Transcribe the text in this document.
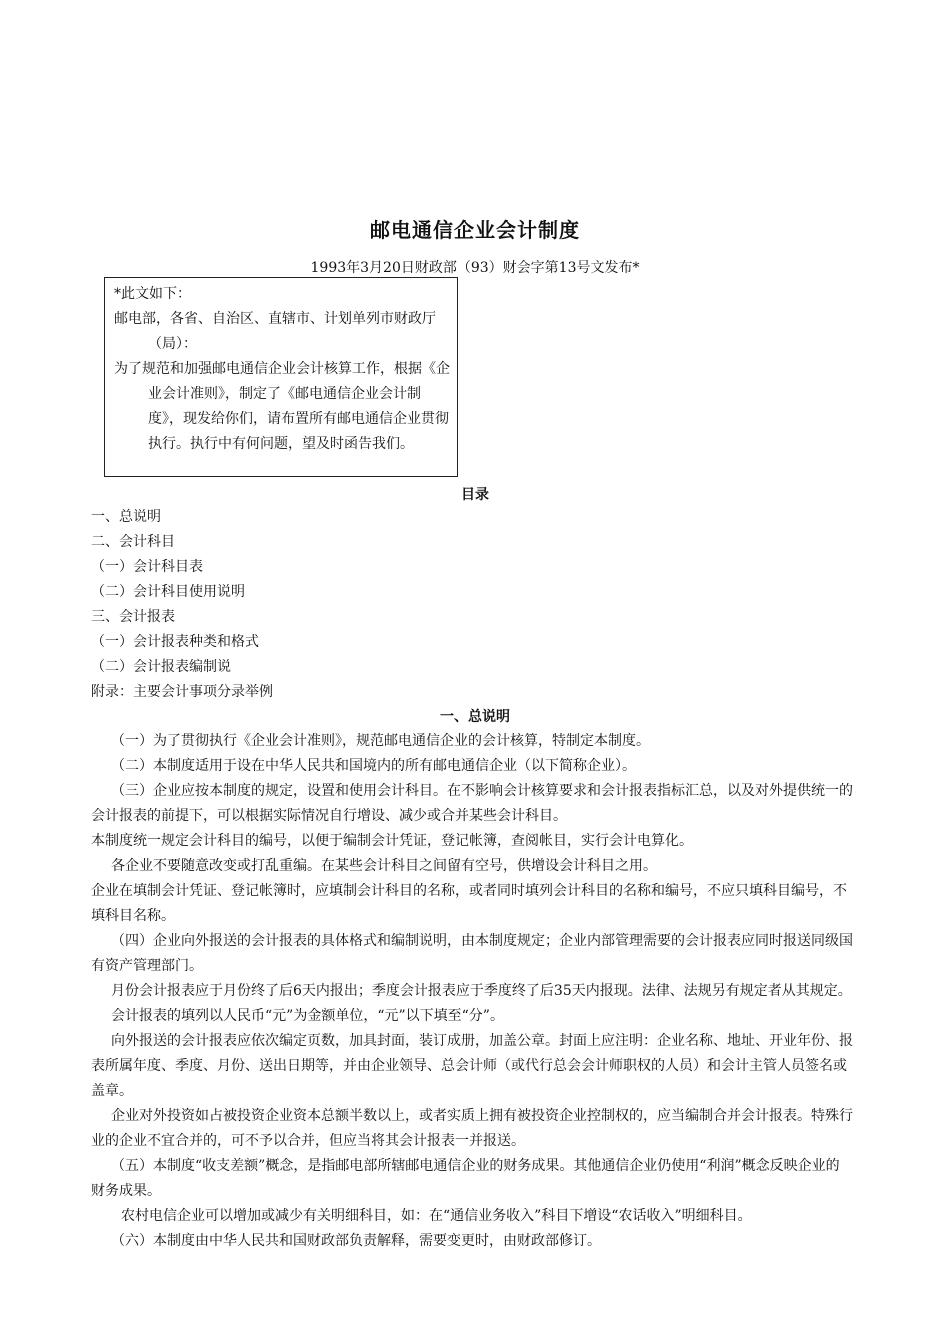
邮电通信企业会计制度
1993年3月20日财政部（93）财会字第13号文发布*
*此文如下：
邮电部，各省、自治区、直辖市、计划单列市财政厅（局）：
为了规范和加强邮电通信企业会计核算工作，根据《企业会计准则》，制定了《邮电通信企业会计制度》，现发给你们，请布置所有邮电通信企业贯彻执行。执行中有何问题，望及时函告我们。
目录
一、总说明
二、会计科目
（一）会计科目表
（二）会计科目使用说明
三、会计报表
（一）会计报表种类和格式
（二）会计报表编制说
附录：主要会计事项分录举例
一、总说明

（一）为了贯彻执行《企业会计准则》，规范邮电通信企业的会计核算，特制定本制度。

（二）本制度适用于设在中华人民共和国境内的所有邮电通信企业（以下简称企业）。

（三）企业应按本制度的规定，设置和使用会计科目。在不影响会计核算要求和会计报表指标汇总，以及对外提供统一的会计报表的前提下，可以根据实际情况自行增设、减少或合并某些会计科目。

本制度统一规定会计科目的编号，以便于编制会计凭证，登记帐簿，查阅帐目，实行会计电算化。

各企业不要随意改变或打乱重编。在某些会计科目之间留有空号，供增设会计科目之用。

企业在填制会计凭证、登记帐簿时，应填制会计科目的名称，或者同时填列会计科目的名称和编号，不应只填科目编号，不填科目名称。

（四）企业向外报送的会计报表的具体格式和编制说明，由本制度规定；企业内部管理需要的会计报表应同时报送同级国有资产管理部门。

月份会计报表应于月份终了后6天内报出；季度会计报表应于季度终了后35天内报现。法律、法规另有规定者从其规定。

会计报表的填列以人民币“元”为金额单位，“元”以下填至“分”。

向外报送的会计报表应依次编定页数，加具封面，装订成册，加盖公章。封面上应注明：企业名称、地址、开业年份、报表所属年度、季度、月份、送出日期等，并由企业领导、总会计师（或代行总会会计师职权的人员）和会计主管人员签名或盖章。

企业对外投资如占被投资企业资本总额半数以上，或者实质上拥有被投资企业控制权的，应当编制合并会计报表。特殊行业的企业不宜合并的，可不予以合并，但应当将其会计报表一并报送。

（五）本制度“收支差额”概念，是指邮电部所辖邮电通信企业的财务成果。其他通信企业仍使用“利润”概念反映企业的财务成果。

农村电信企业可以增加或减少有关明细科目，如：在“通信业务收入”科目下增设“农话收入”明细科目。

（六）本制度由中华人民共和国财政部负责解释，需要变更时，由财政部修订。
